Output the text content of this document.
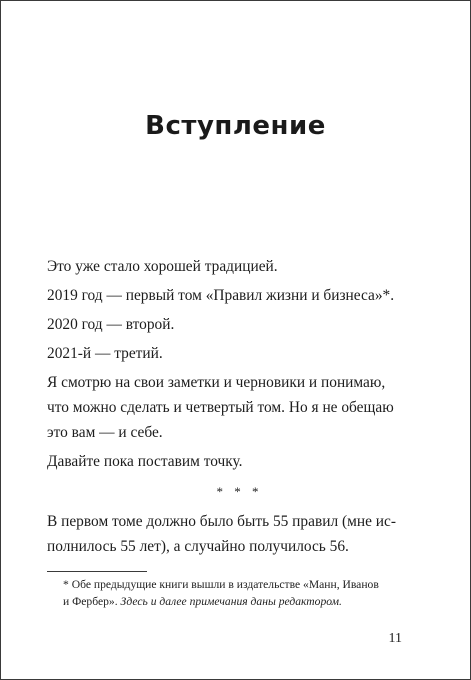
Вступление

Это уже стало хорошей традицией.

2019 год — первый том «Правил жизни и бизнеса»*.

2020 год — второй.

2021-й — третий.

Я смотрю на свои заметки и черновики и понимаю,
что можно сделать и четвертый том. Но я не обещаю
это вам — и себе.

Давайте пока поставим точку.

* * *

В первом томе должно было быть 55 правил (мне ис-
полнилось 55 лет), а случайно получилось 56.

* Обе предыдущие книги вышли в издательстве «Манн, Иванов
и Фербер». Здесь и далее примечания даны редактором.
11
